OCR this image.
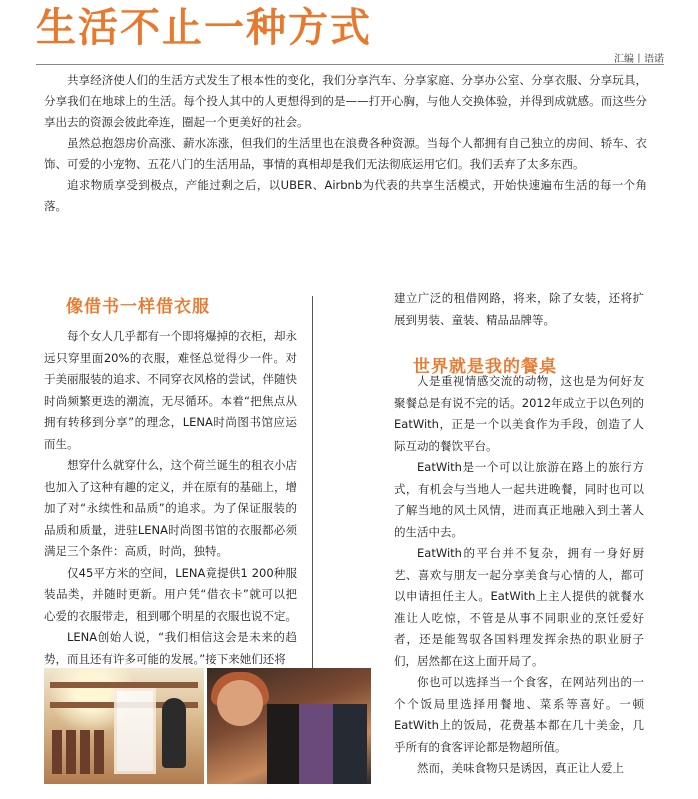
生活不止一种方式
汇编丨语诺

共享经济使人们的生活方式发生了根本性的变化，我们分享汽车、分享家庭、分享办公室、分享衣服、分享玩具，分享我们在地球上的生活。每个投人其中的人更想得到的是——打开心胸，与他人交换体验，并得到成就感。而这些分享出去的资源会彼此牵连，圈起一个更美好的社会。

虽然总抱怨房价高涨、薪水冻涨，但我们的生活里也在浪费各种资源。当每个人都拥有自己独立的房间、轿车、衣饰、可爱的小宠物、五花八门的生活用品，事情的真相却是我们无法彻底运用它们。我们丢弃了太多东西。

追求物质享受到极点，产能过剩之后，以UBER、Airbnb为代表的共享生活模式，开始快速遍布生活的每一个角落。

像借书一样借衣服

每个女人几乎都有一个即将爆掉的衣柜，却永远只穿里面20%的衣服，难怪总觉得少一件。对于美丽服装的追求、不同穿衣风格的尝试，伴随快时尚频繁更迭的潮流，无尽循环。本着“把焦点从拥有转移到分享”的理念，LENA时尚图书馆应运而生。

想穿什么就穿什么，这个荷兰诞生的租衣小店也加入了这种有趣的定义，并在原有的基础上，增加了对“永续性和品质”的追求。为了保证服装的品质和质量，进驻LENA时尚图书馆的衣服都必须满足三个条件：高质，时尚，独特。

仅45平方米的空间，LENA竟提供1 200种服装品类，并随时更新。用户凭“借衣卡”就可以把心爱的衣服带走，租到哪个明星的衣服也说不定。

LENA创始人说，“我们相信这会是未来的趋势，而且还有许多可能的发展。”接下来她们还将

建立广泛的租借网路，将来，除了女装，还将扩展到男装、童装、精品品牌等。

人是重视情感交流的动物，这也是为何好友聚餐总是有说不完的话。2012年成立于以色列的EatWith，正是一个以美食作为手段，创造了人际互动的餐饮平台。

EatWith是一个可以让旅游在路上的旅行方式，有机会与当地人一起共进晚餐，同时也可以了解当地的风土风情，进而真正地融入到土著人的生活中去。

EatWith的平台并不复杂，拥有一身好厨艺、喜欢与朋友一起分享美食与心情的人，都可以申请担任主人。EatWith上主人提供的就餐水准让人吃惊，不管是从事不同职业的烹饪爱好者，还是能驾驭各国料理发挥余热的职业厨子们，居然都在这上面开局了。

你也可以选择当一个食客，在网站列出的一个个饭局里选择用餐地、菜系等喜好。一顿EatWith上的饭局，花费基本都在几十美金，几乎所有的食客评论都是物超所值。

然而，美味食物只是诱因，真正让人爱上

世界就是我的餐桌
